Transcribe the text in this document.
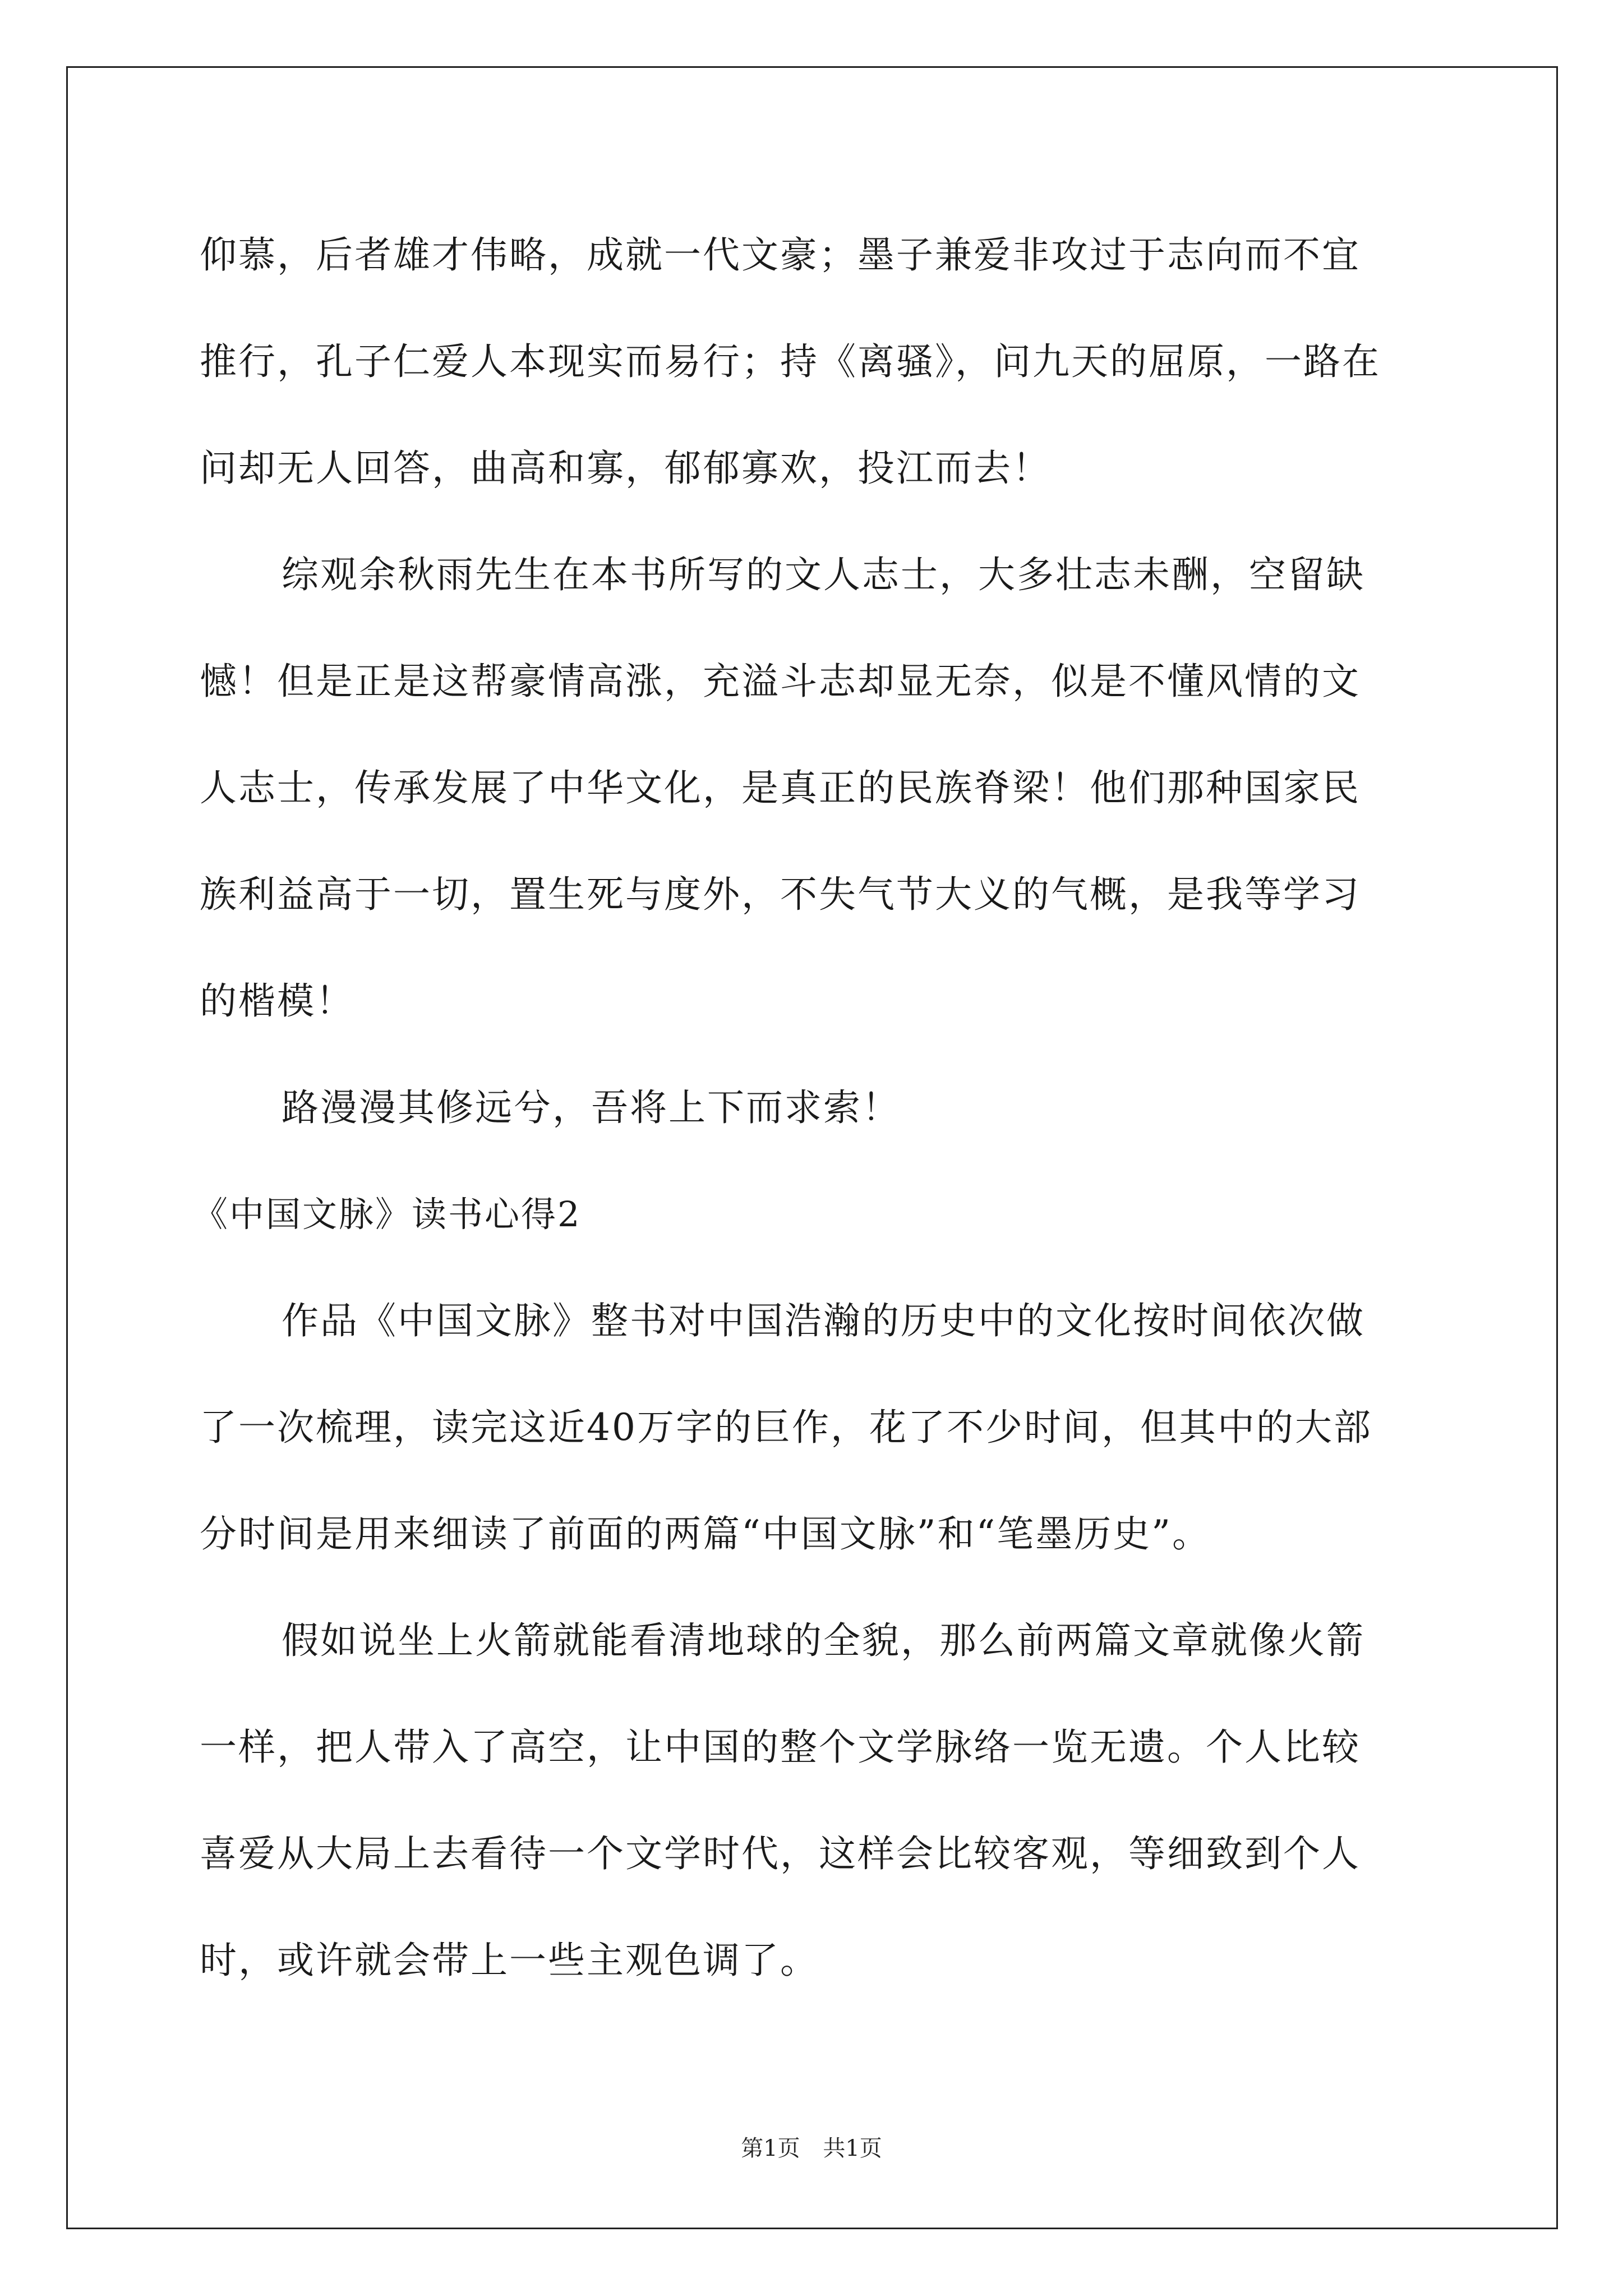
仰慕，后者雄才伟略，成就一代文豪；墨子兼爱非攻过于志向而不宜
推行，孔子仁爱人本现实而易行；持《离骚》，问九天的屈原，一路在
问却无人回答，曲高和寡，郁郁寡欢，投江而去！
综观余秋雨先生在本书所写的文人志士，大多壮志未酬，空留缺
憾！但是正是这帮豪情高涨，充溢斗志却显无奈，似是不懂风情的文
人志士，传承发展了中华文化，是真正的民族脊梁！他们那种国家民
族利益高于一切，置生死与度外，不失气节大义的气概，是我等学习
的楷模！
路漫漫其修远兮，吾将上下而求索！
《中国文脉》读书心得2
作品《中国文脉》整书对中国浩瀚的历史中的文化按时间依次做
了一次梳理，读完这近40万字的巨作，花了不少时间，但其中的大部
分时间是用来细读了前面的两篇“中国文脉”和“笔墨历史”。
假如说坐上火箭就能看清地球的全貌，那么前两篇文章就像火箭
一样，把人带入了高空，让中国的整个文学脉络一览无遗。个人比较
喜爱从大局上去看待一个文学时代，这样会比较客观，等细致到个人
时，或许就会带上一些主观色调了。
第1页 共1页
